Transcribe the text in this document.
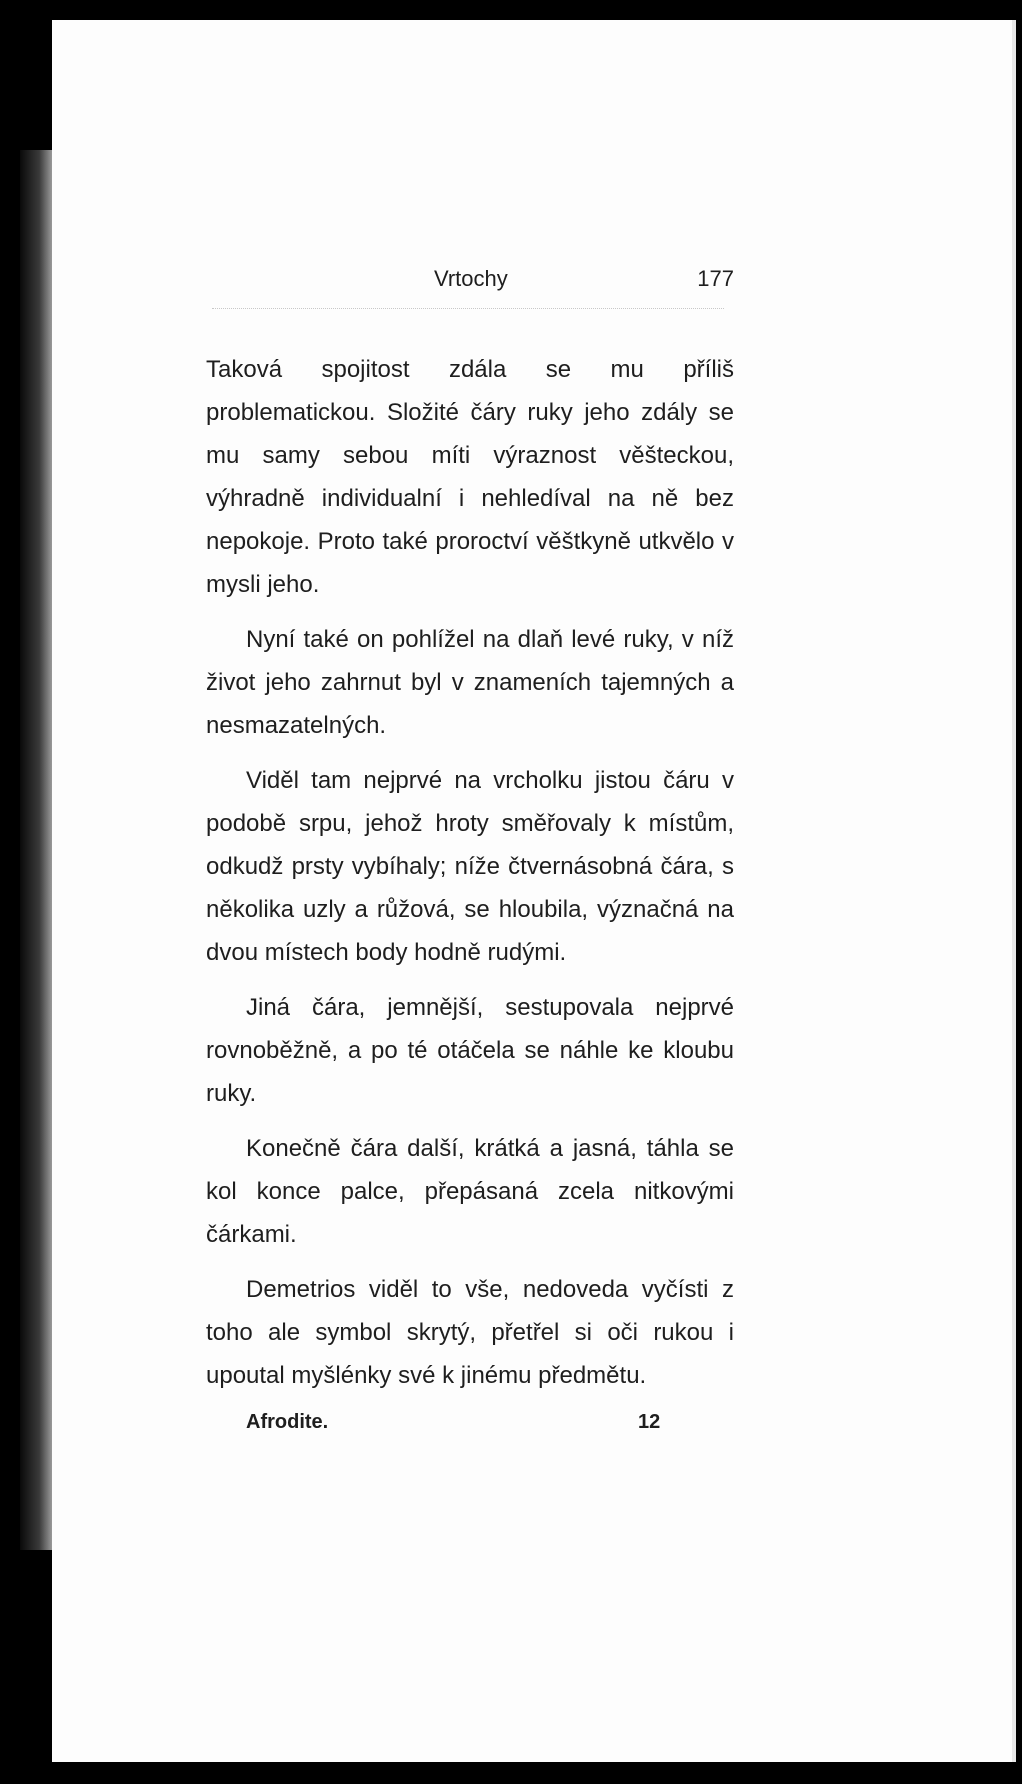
Vrtochy	177

Taková spojitost zdála se mu příliš problematickou. Složité čáry ruky jeho zdály se mu samy sebou míti výraznost věšteckou, výhradně individualní i nehledíval na ně bez nepokoje. Proto také proroctví věštkyně utkvělo v mysli jeho.

Nyní také on pohlížel na dlaň levé ruky, v níž život jeho zahrnut byl v znameních tajemných a nesmazatelných.

Viděl tam nejprvé na vrcholku jistou čáru v podobě srpu, jehož hroty směřovaly k místům, odkudž prsty vybíhaly; níže čtvernásobná čára, s několika uzly a růžová, se hloubila, význačná na dvou místech body hodně rudými.

Jiná čára, jemnější, sestupovala nejprvé rovnoběžně, a po té otáčela se náhle ke kloubu ruky.

Konečně čára další, krátká a jasná, táhla se kol konce palce, přepásaná zcela nitkovými čárkami.

Demetrios viděl to vše, nedoveda vyčísti z toho ale symbol skrytý, přetřel si oči rukou i upoutal myšlénky své k jinému předmětu.

Afrodite.	12
